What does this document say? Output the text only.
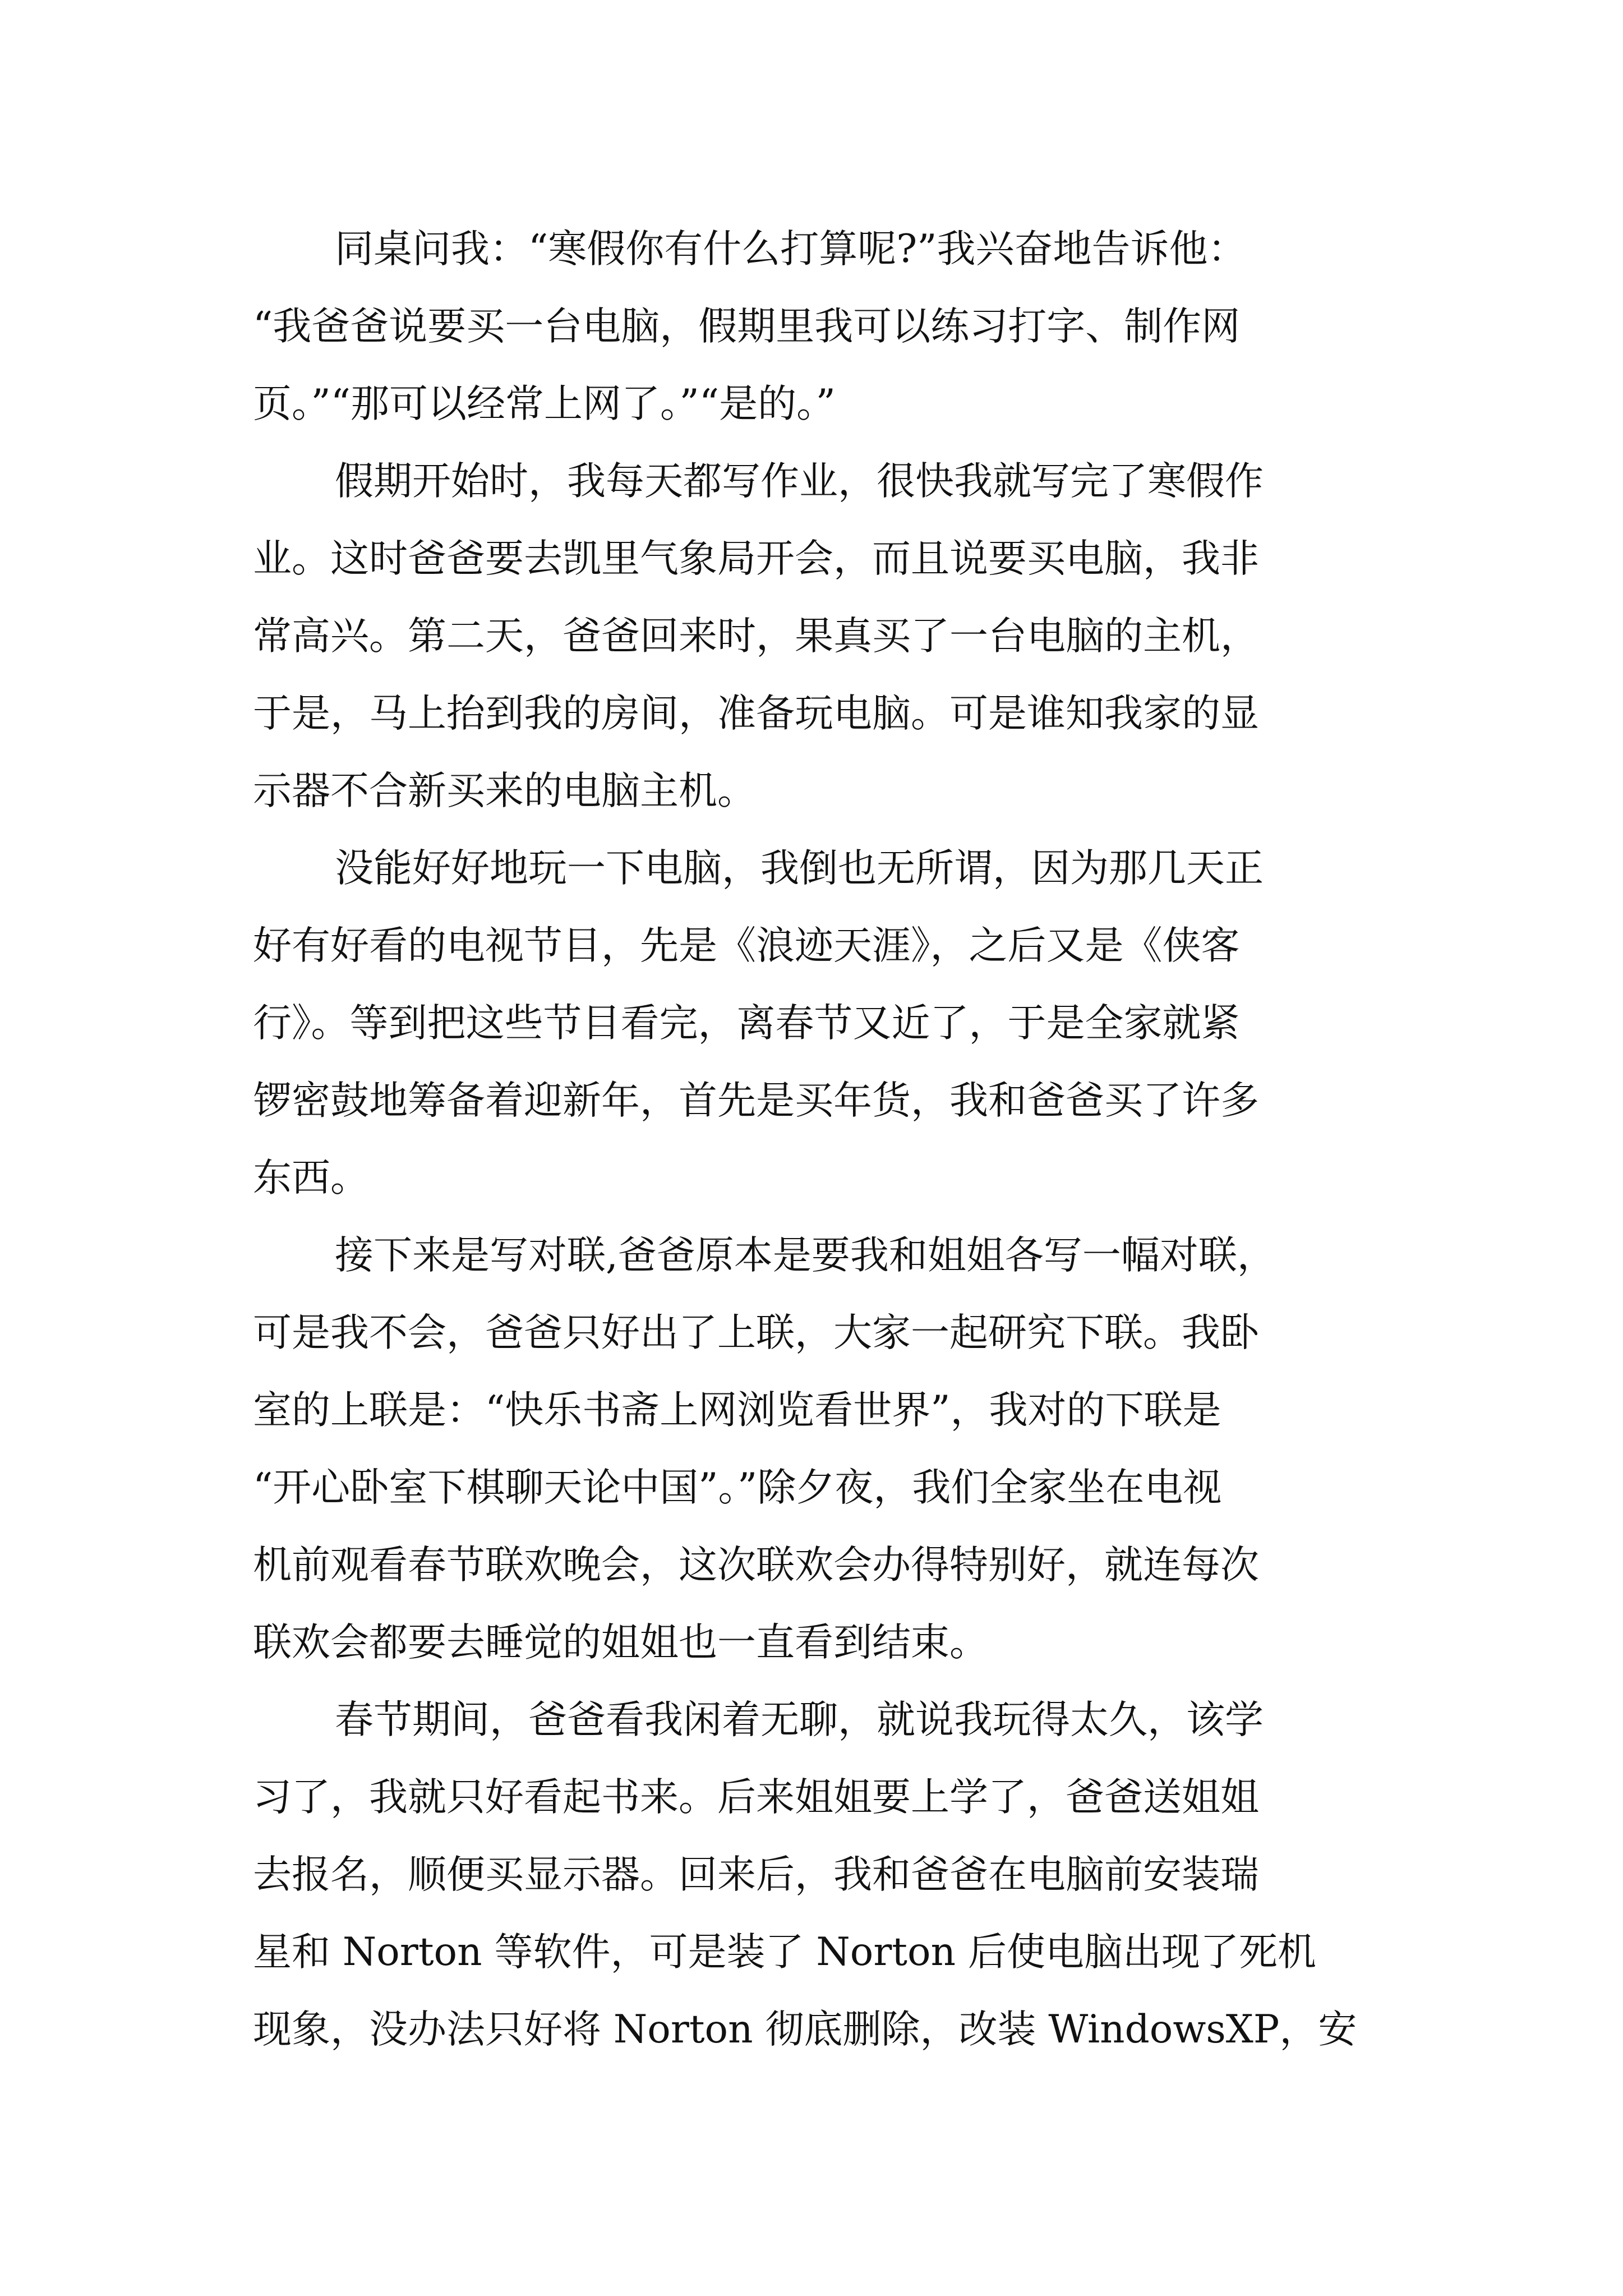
同桌问我：“寒假你有什么打算呢?”我兴奋地告诉他：
“我爸爸说要买一台电脑，假期里我可以练习打字、制作网
页。”“那可以经常上网了。”“是的。”
假期开始时，我每天都写作业，很快我就写完了寒假作
业。这时爸爸要去凯里气象局开会，而且说要买电脑，我非
常高兴。第二天，爸爸回来时，果真买了一台电脑的主机，
于是，马上抬到我的房间，准备玩电脑。可是谁知我家的显
示器不合新买来的电脑主机。
没能好好地玩一下电脑，我倒也无所谓，因为那几天正
好有好看的电视节目，先是《浪迹天涯》，之后又是《侠客
行》。等到把这些节目看完，离春节又近了，于是全家就紧
锣密鼓地筹备着迎新年，首先是买年货，我和爸爸买了许多
东西。
接下来是写对联,爸爸原本是要我和姐姐各写一幅对联，
可是我不会，爸爸只好出了上联，大家一起研究下联。我卧
室的上联是：“快乐书斋上网浏览看世界”，我对的下联是
“开心卧室下棋聊天论中国”。”除夕夜，我们全家坐在电视
机前观看春节联欢晚会，这次联欢会办得特别好，就连每次
联欢会都要去睡觉的姐姐也一直看到结束。
春节期间，爸爸看我闲着无聊，就说我玩得太久，该学
习了，我就只好看起书来。后来姐姐要上学了，爸爸送姐姐
去报名，顺便买显示器。回来后，我和爸爸在电脑前安装瑞
星和 Norton 等软件，可是装了 Norton 后使电脑出现了死机
现象，没办法只好将 Norton 彻底删除，改装 WindowsXP，安
